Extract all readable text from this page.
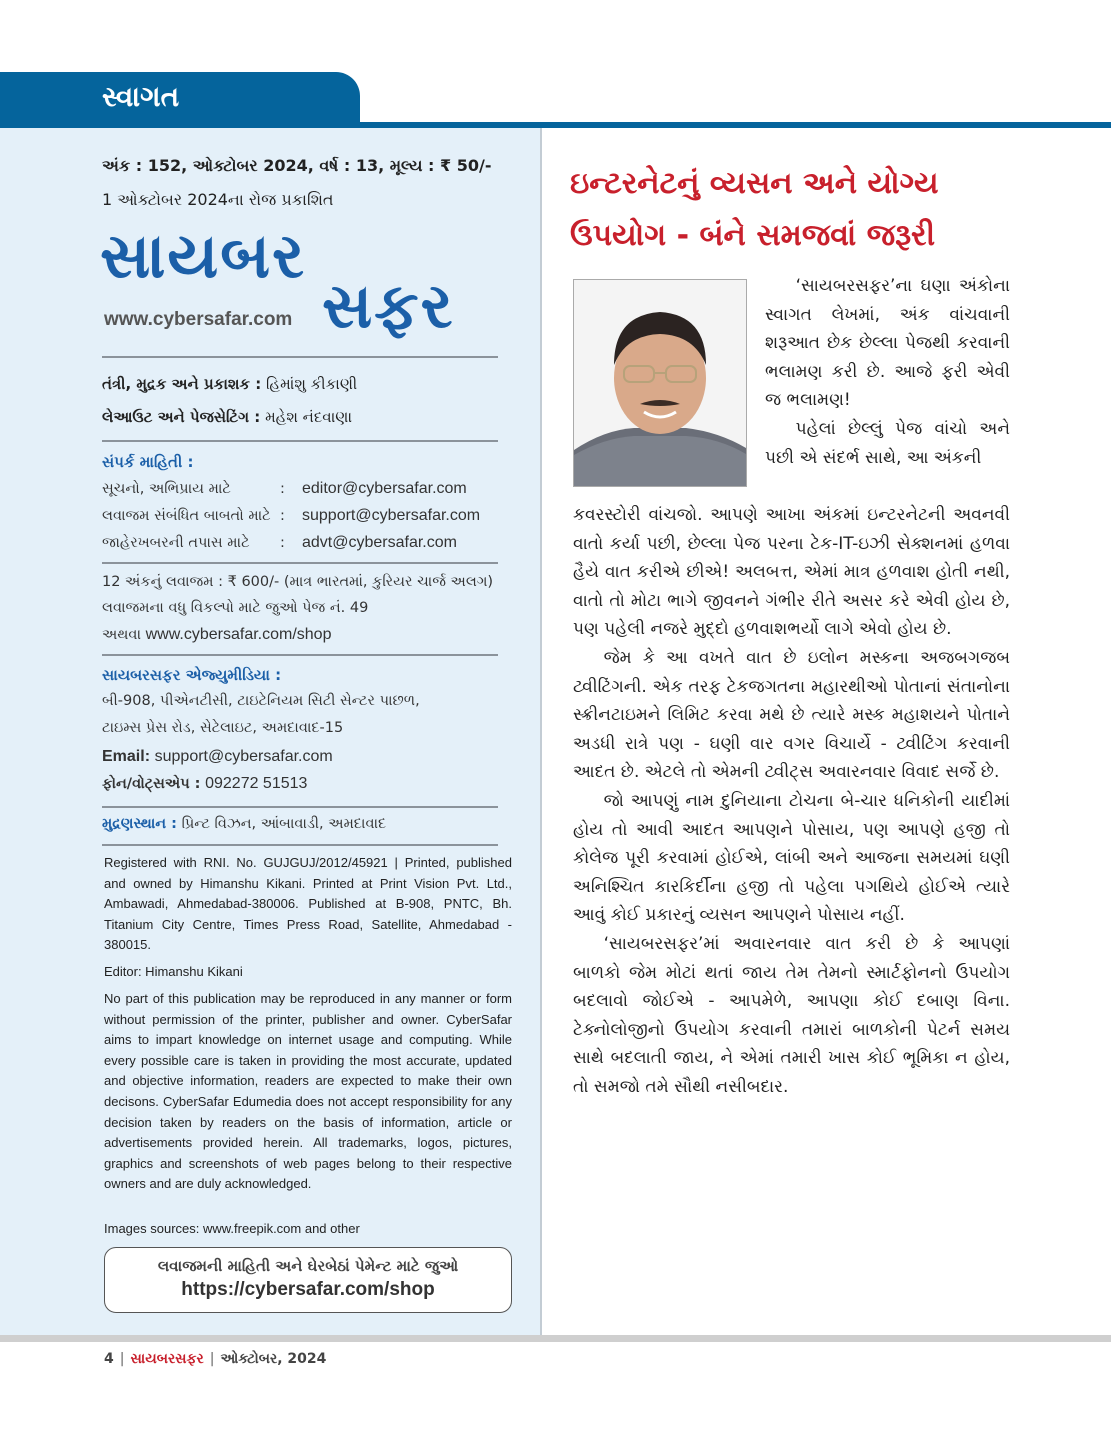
સ્વાગત
અંક : 152, ઓક્ટોબર 2024, વર્ષ : 13, મૂલ્ય : ₹ 50/-
1 ઓક્ટોબર 2024ના રોજ પ્રકાશિત
સાયબર
સફર
www.cybersafar.com
તંત્રી, મુદ્રક અને પ્રકાશક : હિમાંશુ કીકાણી
લેઆઉટ અને પેજસેટિંગ : મહેશ નંદવાણા
સંપર્ક માહિતી :
સૂચનો, અભિપ્રાય માટે	: editor@cybersafar.com
લવાજમ સંબંધિત બાબતો માટે : support@cybersafar.com
જાહેરખબરની તપાસ માટે : advt@cybersafar.com
12 અંકનું લવાજમ : ₹ 600/- (માત્ર ભારતમાં, કુરિયર ચાર્જ અલગ)
લવાજમના વધુ વિકલ્પો માટે જુઓ પેજ નં. 49
અથવા www.cybersafar.com/shop
સાયબરસફર એજ્યુમીડિયા :
બી-908, પીએનટીસી, ટાઇટેનિયમ સિટી સેન્ટર પાછળ,
ટાઇમ્સ પ્રેસ રોડ, સેટેલાઇટ, અમદાવાદ-15
Email: support@cybersafar.com
ફોન/વોટ્સએપ : 092272 51513
મુદ્રણસ્થાન : પ્રિન્ટ વિઝન, આંબાવાડી, અમદાવાદ
Registered with RNI. No. GUJGUJ/2012/45921 | Printed, published and owned by Himanshu Kikani. Printed at Print Vision Pvt. Ltd., Ambawadi, Ahmedabad-380006. Published at B-908, PNTC, Bh. Titanium City Centre, Times Press Road, Satellite, Ahmedabad - 380015.
Editor: Himanshu Kikani
No part of this publication may be reproduced in any manner or form without permission of the printer, publisher and owner. CyberSafar aims to impart knowledge on internet usage and computing. While every possible care is taken in providing the most accurate, updated and objective information, readers are expected to make their own decisons. CyberSafar Edumedia does not accept responsibility for any decision taken by readers on the basis of information, article or advertisements provided herein. All trademarks, logos, pictures, graphics and screenshots of web pages belong to their respective owners and are duly acknowledged.
Images sources: www.freepik.com and other
લવાજમની માહિતી અને ઘેરબેઠાં પેમેન્ટ માટે જુઓ
https://cybersafar.com/shop
4 | સાયબરસફર | ઓક્ટોબર, 2024
ઇન્ટરનેટનું વ્યસન અને યોગ્ય
ઉપયોગ - બંને સમજવાં જરૂરી

‘સાયબરસફર’ના ઘણા અંકોના સ્વાગત લેખમાં, અંક વાંચવાની શરૂઆત છેક છેલ્લા પેજથી કરવાની ભલામણ કરી છે. આજે ફરી એવી જ ભલામણ!

પહેલાં છેલ્લું પેજ વાંચો અને પછી એ સંદર્ભ સાથે, આ અંકની

કવરસ્ટોરી વાંચજો. આપણે આખા અંકમાં ઇન્ટરનેટની અવનવી વાતો કર્યા પછી, છેલ્લા પેજ પરના ટેક-IT-ઇઝી સેક્શનમાં હળવા હૈયે વાત કરીએ છીએ! અલબત્ત, એમાં માત્ર હળવાશ હોતી નથી, વાતો તો મોટા ભાગે જીવનને ગંભીર રીતે અસર કરે એવી હોય છે, પણ પહેલી નજરે મુદ્દો હળવાશભર્યો લાગે એવો હોય છે.

જેમ કે આ વખતે વાત છે ઇલોન મસ્કના અજબગજબ ટ્વીટિંગની. એક તરફ ટેકજગતના મહારથીઓ પોતાનાં સંતાનોના સ્ક્રીનટાઇમને લિમિટ કરવા મથે છે ત્યારે મસ્ક મહાશયને પોતાને અડધી રાત્રે પણ - ઘણી વાર વગર વિચાર્યે - ટ્વીટિંગ કરવાની આદત છે. એટલે તો એમની ટ્વીટ્સ અવારનવાર વિવાદ સર્જે છે.

જો આપણું નામ દુનિયાના ટોચના બે-ચાર ધનિકોની યાદીમાં હોય તો આવી આદત આપણને પોસાય, પણ આપણે હજી તો કોલેજ પૂરી કરવામાં હોઈએ, લાંબી અને આજના સમયમાં ઘણી અનિશ્ચિત કારકિર્દીના હજી તો પહેલા પગથિયે હોઈએ ત્યારે આવું કોઈ પ્રકારનું વ્યસન આપણને પોસાય નહીં.

‘સાયબરસફર’માં અવારનવાર વાત કરી છે કે આપણાં બાળકો જેમ મોટાં થતાં જાય તેમ તેમનો સ્માર્ટફોનનો ઉપયોગ બદલાવો જોઈએ - આપમેળે, આપણા કોઈ દબાણ વિના. ટેક્નોલોજીનો ઉપયોગ કરવાની તમારાં બાળકોની પેટર્ન સમય સાથે બદલાતી જાય, ને એમાં તમારી ખાસ કોઈ ભૂમિકા ન હોય, તો સમજો તમે સૌથી નસીબદાર.
